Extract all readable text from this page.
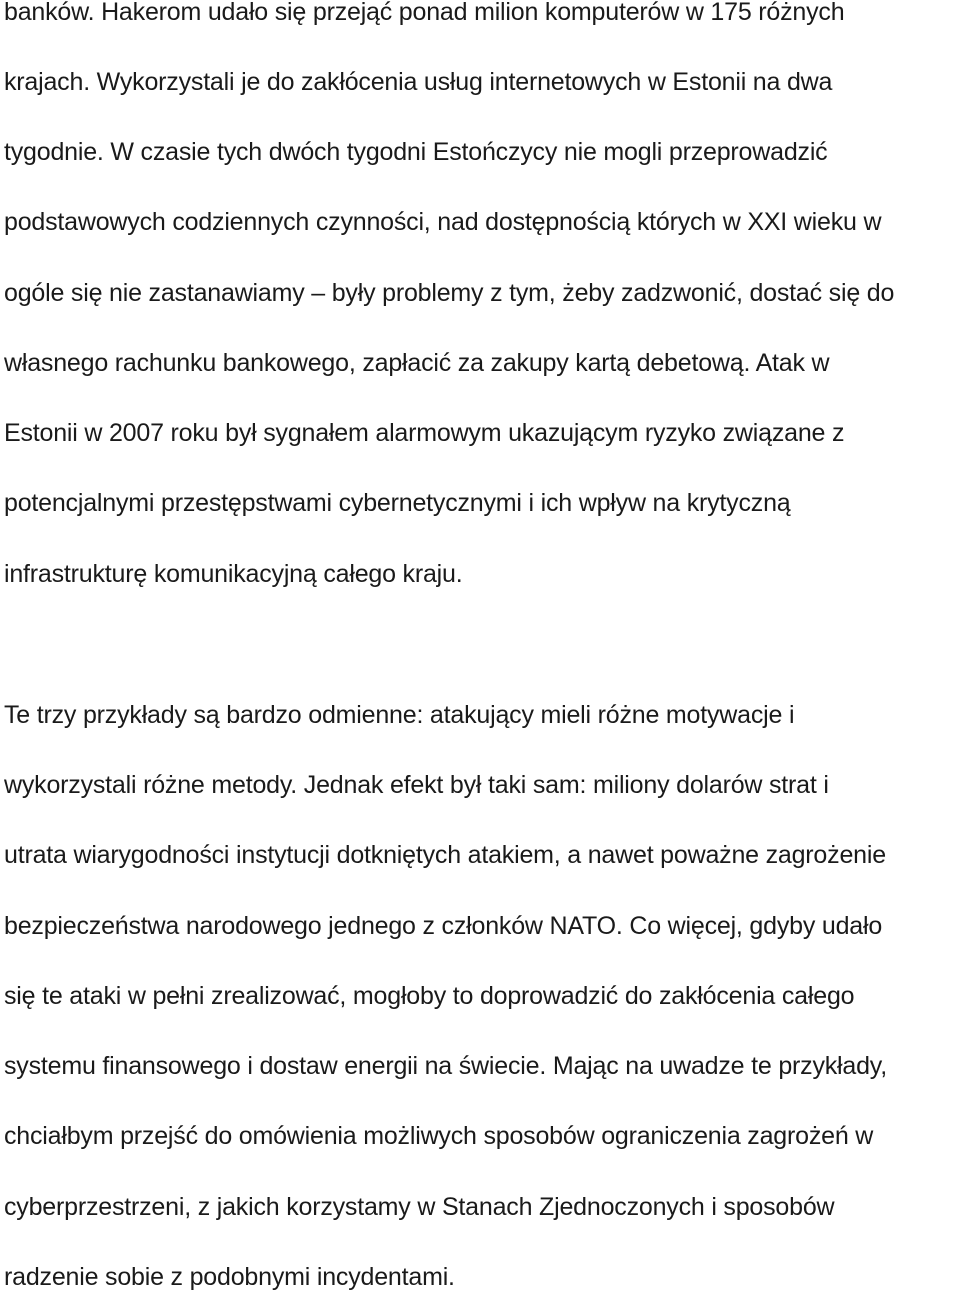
banków. Hakerom udało się przejąć ponad milion komputerów w 175 różnych
krajach. Wykorzystali je do zakłócenia usług internetowych w Estonii na dwa
tygodnie. W czasie tych dwóch tygodni Estończycy nie mogli przeprowadzić
podstawowych codziennych czynności, nad dostępnością których w XXI wieku w
ogóle się nie zastanawiamy – były problemy z tym, żeby zadzwonić, dostać się do
własnego rachunku bankowego, zapłacić za zakupy kartą debetową. Atak w
Estonii w 2007 roku był sygnałem alarmowym ukazującym ryzyko związane z
potencjalnymi przestępstwami cybernetycznymi i ich wpływ na krytyczną
infrastrukturę komunikacyjną całego kraju.
Te trzy przykłady są bardzo odmienne: atakujący mieli różne motywacje i
wykorzystali różne metody. Jednak efekt był taki sam: miliony dolarów strat i
utrata wiarygodności instytucji dotkniętych atakiem, a nawet poważne zagrożenie
bezpieczeństwa narodowego jednego z członków NATO. Co więcej, gdyby udało
się te ataki w pełni zrealizować, mogłoby to doprowadzić do zakłócenia całego
systemu finansowego i dostaw energii na świecie. Mając na uwadze te przykłady,
chciałbym przejść do omówienia możliwych sposobów ograniczenia zagrożeń w
cyberprzestrzeni, z jakich korzystamy w Stanach Zjednoczonych i sposobów
radzenie sobie z podobnymi incydentami.
